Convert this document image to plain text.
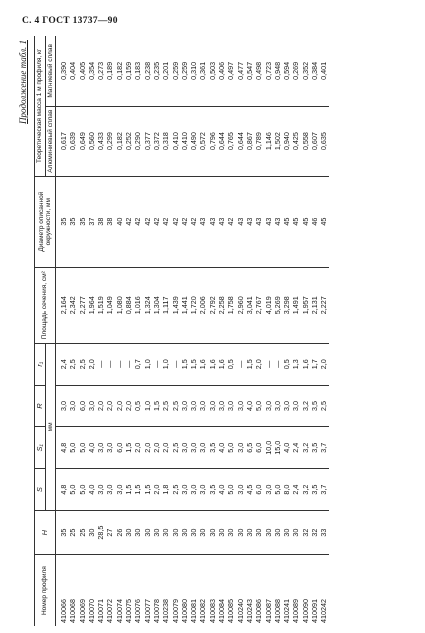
С. 4 ГОСТ 13737—90
Продолжение табл. 1
Номер профиля	H	S	S₁	R	r₁	Площадь сечения, см²	Диаметр описанной окружности, мм	Теоретическая масса 1 м профиля, кг	
		мм						Алюминиевый сплав	Магниевый сплав
410066	35	4,8	4,8	3,0	2,4	2,164	35	0,617	0,390
410068	25	5,0	5,0	3,0	2,5	2,342	35	0,639	0,404
410069	25	5,0	5,0	6,0	2,5	2,277	35	0,649	0,405
410070	30	4,0	4,0	3,0	2,0	1,964	37	0,560	0,354
410071	28,5	3,0	3,0	2,0	—	1,519	38	0,433	0,273
410072	27	3,0	3,0	2,0	—	1,049	38	0,299	0,189
410074	26	3,0	6,0	2,0	—	1,080	40	0,182	0,182
410075	30	1,5	1,5	2,0	—	0,884	42	0,252	0,159
410076	30	1,5	2,0	0,5	0,7	1,016	42	0,290	0,183
410077	30	1,5	2,0	1,0	1,0	1,324	42	0,377	0,238
410078	30	2,0	2,0	1,5	—	1,304	42	0,372	0,235
410238	30	1,8	2,0	2,5	1,0	1,117	42	0,318	0,201
410079	30	2,5	2,5	2,5	—	1,439	42	0,410	0,259
410080	30	3,0	3,0	3,0	1,5	1,441	42	0,410	0,259
410081	30	3,0	3,0	3,0	1,5	1,720	42	0,490	0,310
410082	30	3,0	3,0	3,0	1,6	2,006	43	0,572	0,361
410083	30	3,5	3,5	3,0	1,6	2,792	43	0,796	0,503
410084	30	4,0	4,0	3,0	1,6	2,258	43	0,644	0,406
410085	30	5,0	5,0	3,0	0,5	1,758	42	0,765	0,497
410240	30	3,0	3,0	3,0	—	2,960	43	0,644	0,477
410243	30	4,5	6,5	4,0	1,5	3,041	43	0,867	0,547
410086	30	6,0	6,0	5,0	2,0	2,767	43	0,789	0,498
410087	30	3,0	10,0	3,0	—	4,019	43	1,146	0,723
410088	30	5,0	15,0	3,0	—	5,269	43	1,502	0,948
410241	30	8,0	4,0	3,0	0,5	3,298	45	0,940	0,594
410089	30	2,4	2,4	3,0	1,3	1,491	45	0,425	0,269
410090	32	3,2	3,2	3,2	1,6	1,957	45	0,558	0,352
410091	32	3,5	3,5	3,5	1,7	2,131	46	0,607	0,384
410242	33	3,7	3,7	2,5	2,0	2,227	45	0,635	0,401
